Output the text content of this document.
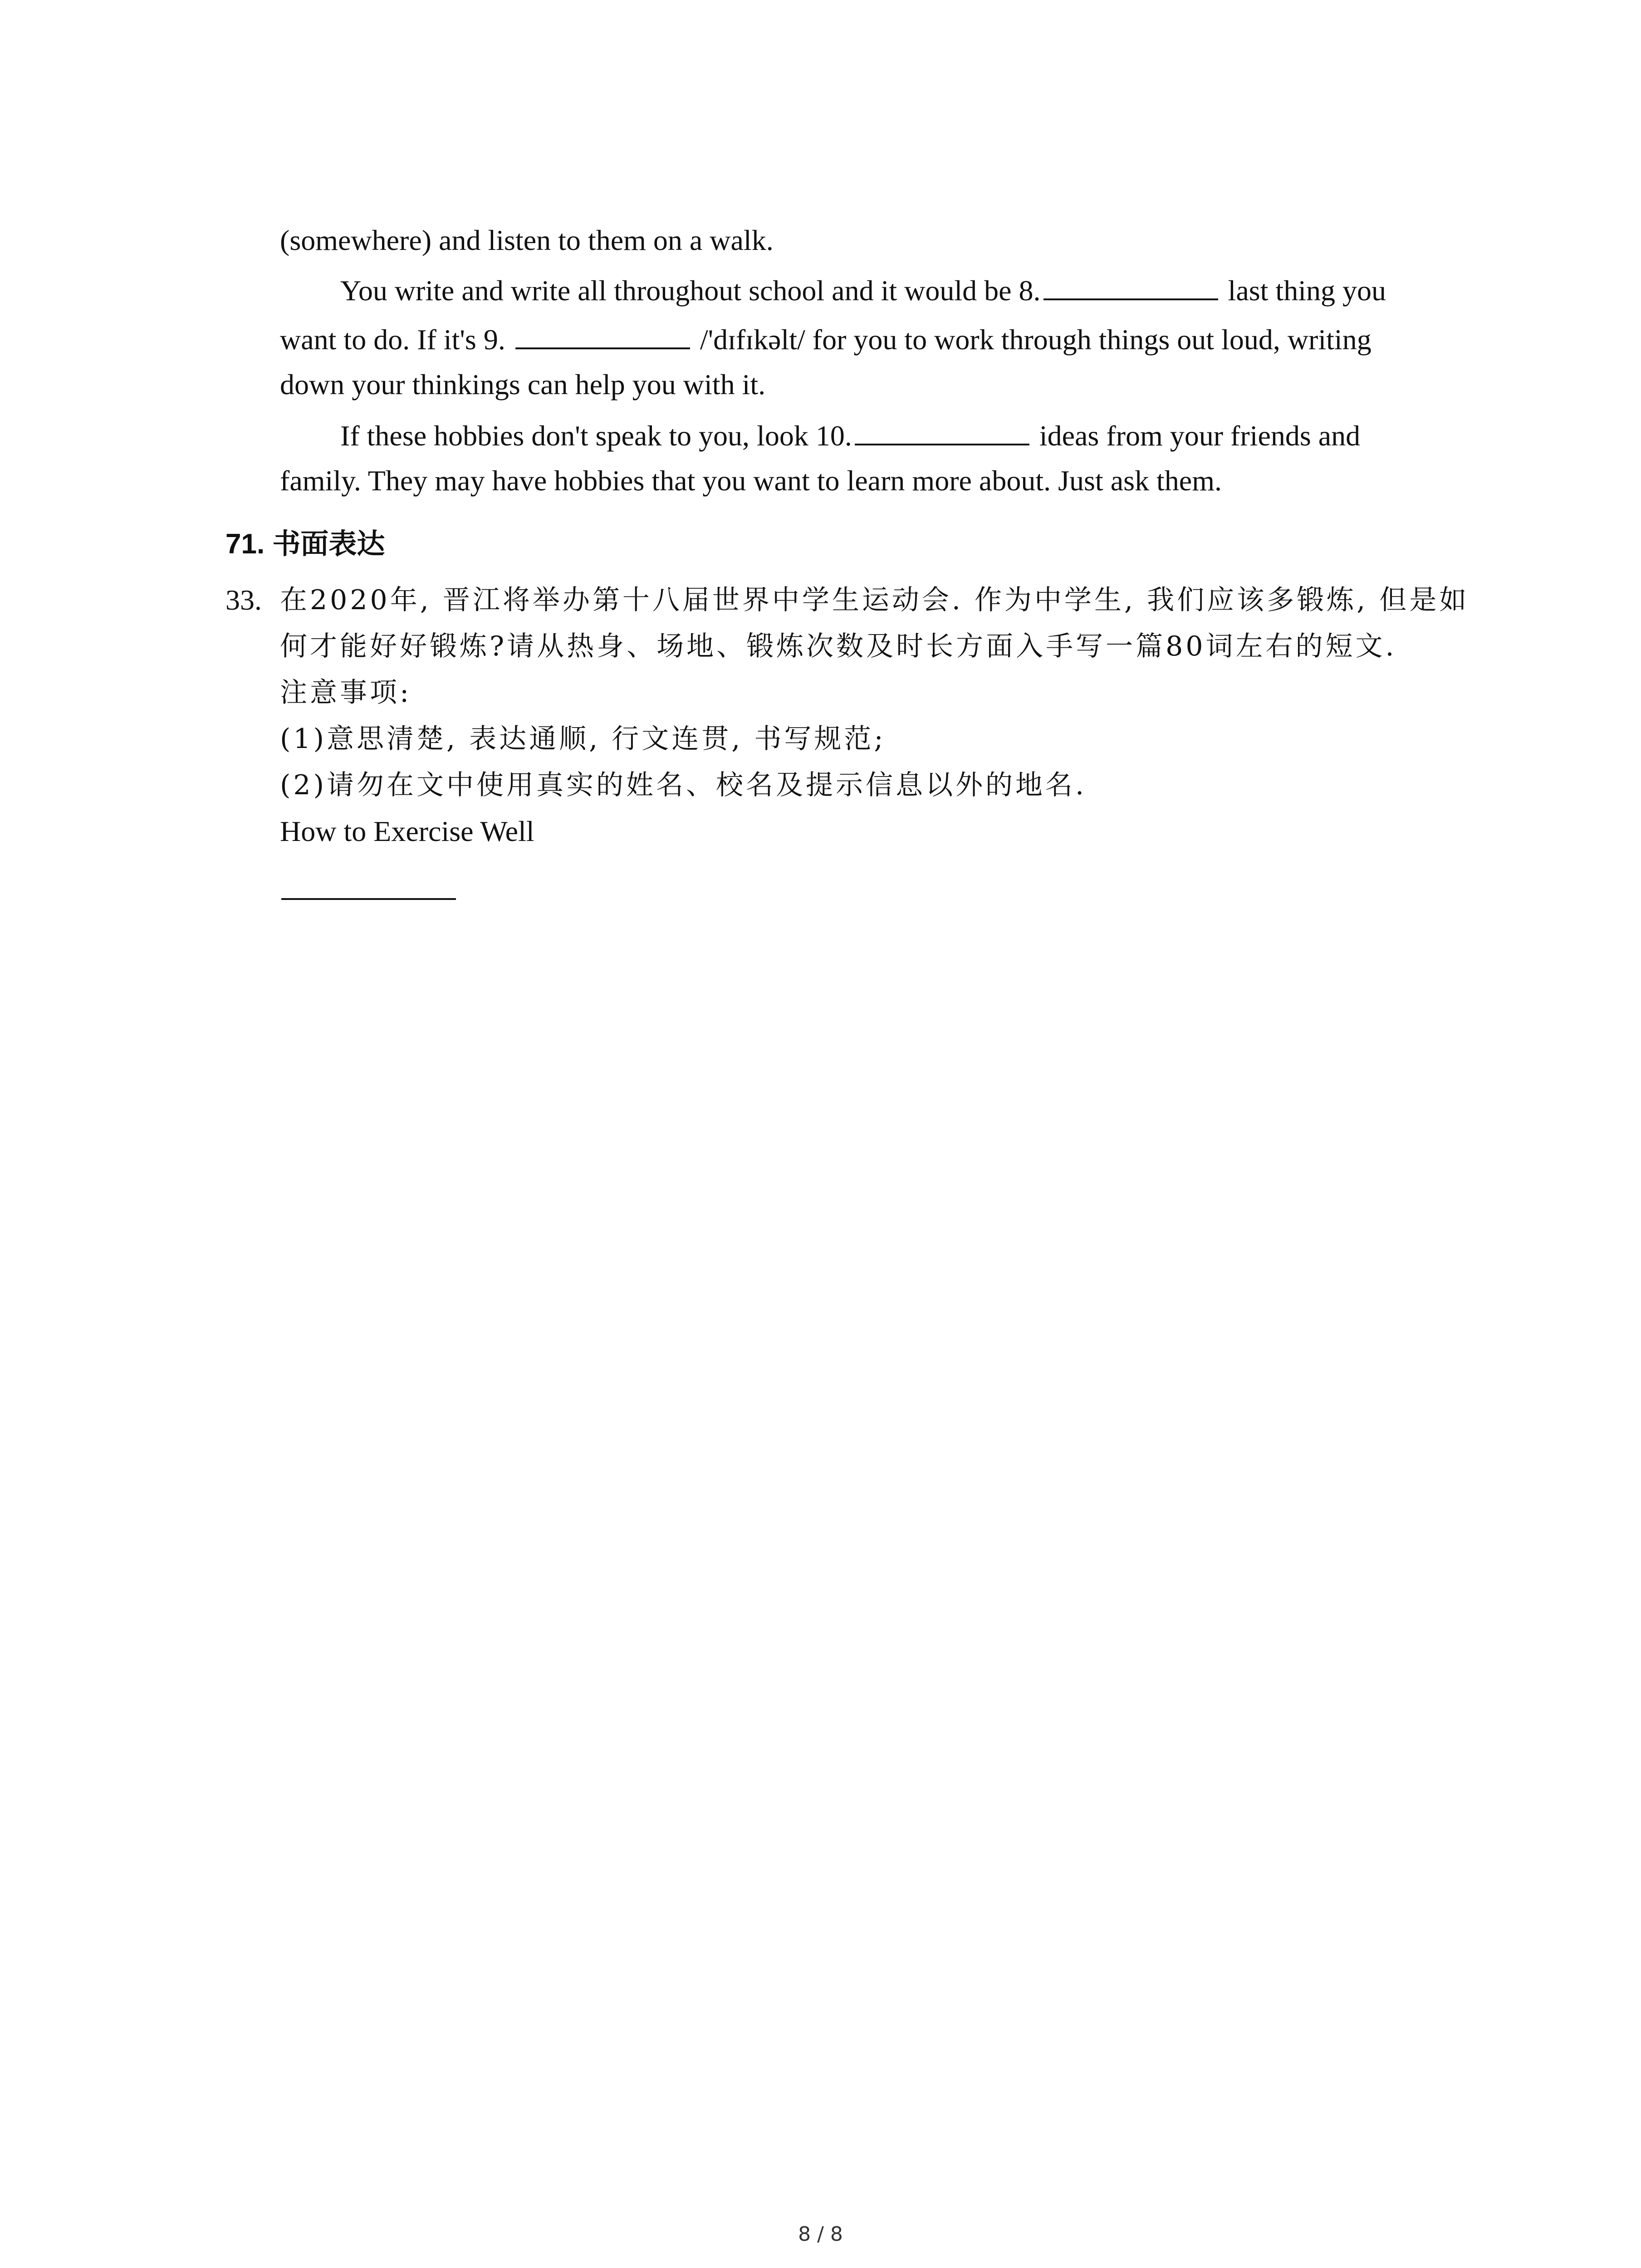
(somewhere) and listen to them on a walk.
You write and write all throughout school and it would be 8.	last thing you
want to do. If it's 9.	/'dɪfɪkəlt/ for you to work through things out loud, writing
down your thinkings can help you with it.
If these hobbies don't speak to you, look 10.	ideas from your friends and
family. They may have hobbies that you want to learn more about. Just ask them.
71. 书面表达
33. 在2020年, 晋江将举办第十八届世界中学生运动会. 作为中学生, 我们应该多锻炼, 但是如
何才能好好锻炼?请从热身、场地、锻炼次数及时长方面入手写一篇80词左右的短文.
注意事项:
(1)意思清楚, 表达通顺, 行文连贯, 书写规范;
(2)请勿在文中使用真实的姓名、校名及提示信息以外的地名.
How to Exercise Well
8 / 8
